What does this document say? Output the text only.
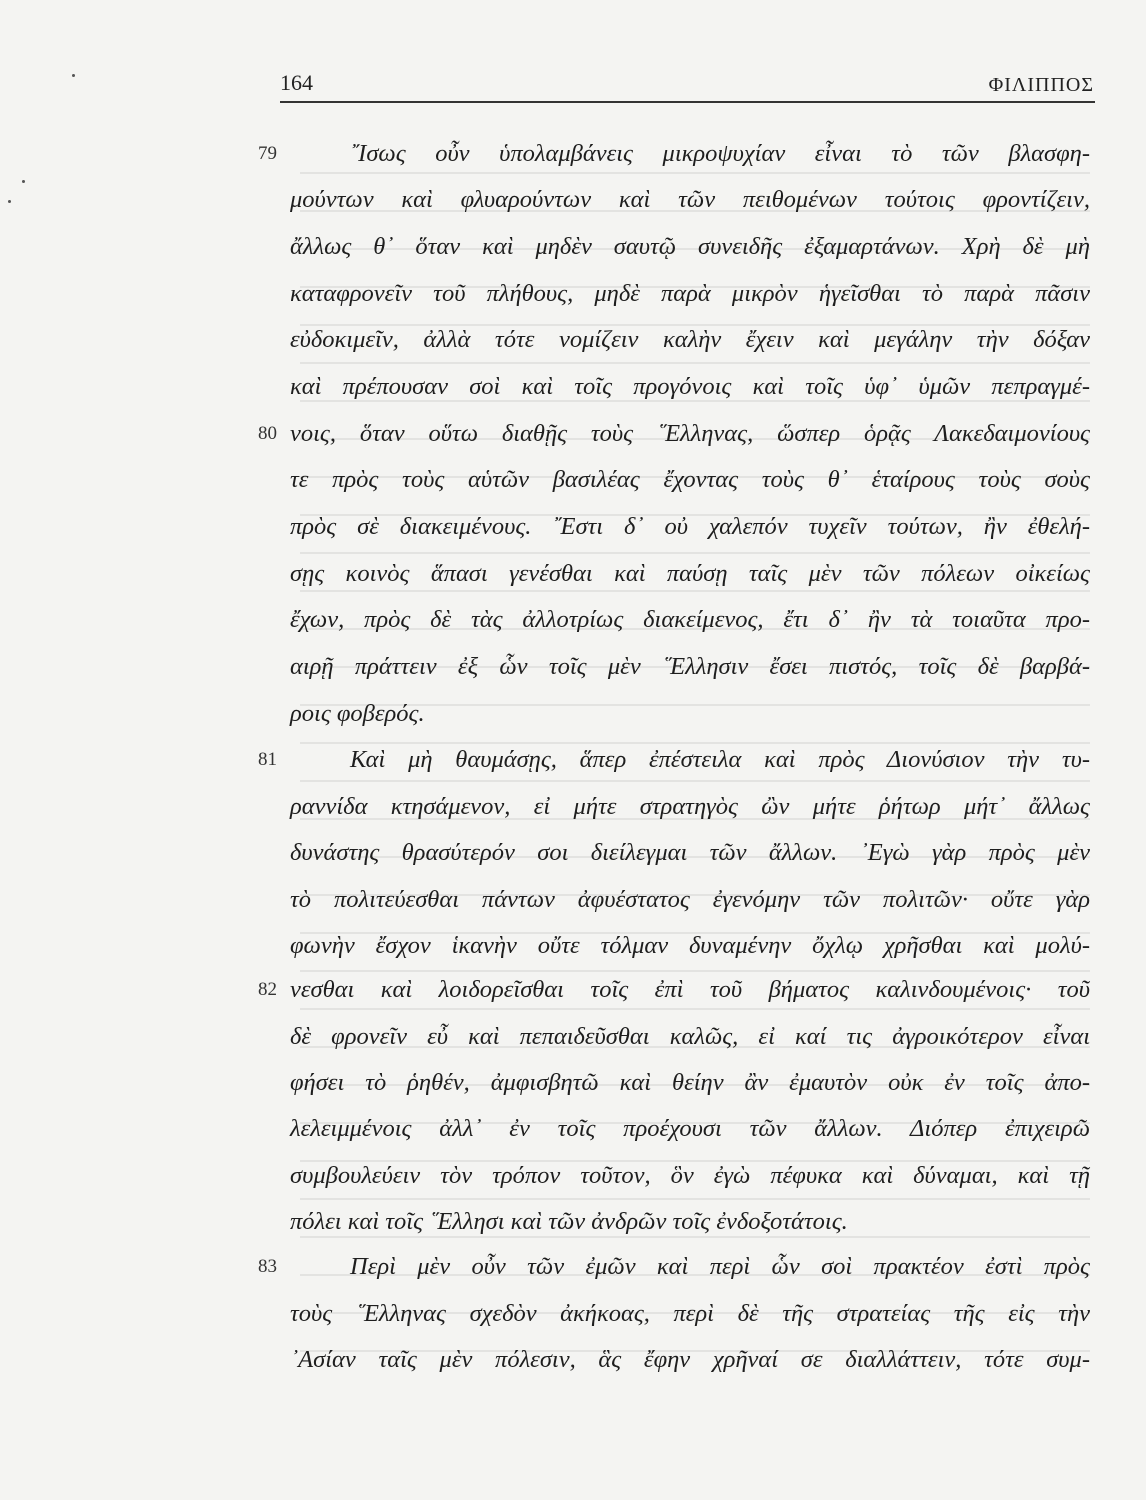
164	ΦΙΛΙΠΠΟΣ
79
80
81
82
83
῎Ισως οὖν ὑπολαμβάνεις μικροψυχίαν εἶναι τὸ τῶν βλασφη-
μούντων καὶ φλυαρούντων καὶ τῶν πειθομένων τούτοις φροντίζειν,
ἄλλως θ᾽ ὅταν καὶ μηδὲν σαυτῷ συνειδῆς ἐξαμαρτάνων. Χρὴ δὲ μὴ
καταφρονεῖν τοῦ πλήθους, μηδὲ παρὰ μικρὸν ἡγεῖσθαι τὸ παρὰ πᾶσιν
εὐδοκιμεῖν, ἀλλὰ τότε νομίζειν καλὴν ἔχειν καὶ μεγάλην τὴν δόξαν
καὶ πρέπουσαν σοὶ καὶ τοῖς προγόνοις καὶ τοῖς ὑφ᾽ ὑμῶν πεπραγμέ-
νοις, ὅταν οὕτω διαθῇς τοὺς ῞Ελληνας, ὥσπερ ὁρᾷς Λακεδαιμονίους
τε πρὸς τοὺς αὑτῶν βασιλέας ἔχοντας τοὺς θ᾽ ἑταίρους τοὺς σοὺς
πρὸς σὲ διακειμένους. ῎Εστι δ᾽ οὐ χαλεπόν τυχεῖν τούτων, ἢν ἐθελή-
σῃς κοινὸς ἅπασι γενέσθαι καὶ παύσῃ ταῖς μὲν τῶν πόλεων οἰκείως
ἔχων, πρὸς δὲ τὰς ἀλλοτρίως διακείμενος, ἔτι δ᾽ ἢν τὰ τοιαῦτα προ-
αιρῇ πράττειν ἐξ ὧν τοῖς μὲν ῞Ελλησιν ἔσει πιστός, τοῖς δὲ βαρβά-
ροις φοβερός.
Καὶ μὴ θαυμάσῃς, ἅπερ ἐπέστειλα καὶ πρὸς Διονύσιον τὴν τυ-
ραννίδα κτησάμενον, εἰ μήτε στρατηγὸς ὢν μήτε ῥήτωρ μήτ᾽ ἄλλως
δυνάστης θρασύτερόν σοι διείλεγμαι τῶν ἄλλων. ᾽Εγὼ γὰρ πρὸς μὲν
τὸ πολιτεύεσθαι πάντων ἀφυέστατος ἐγενόμην τῶν πολιτῶν· οὔτε γὰρ
φωνὴν ἔσχον ἱκανὴν οὔτε τόλμαν δυναμένην ὄχλῳ χρῆσθαι καὶ μολύ-
νεσθαι καὶ λοιδορεῖσθαι τοῖς ἐπὶ τοῦ βήματος καλινδουμένοις· τοῦ
δὲ φρονεῖν εὖ καὶ πεπαιδεῦσθαι καλῶς, εἰ καί τις ἀγροικότερον εἶναι
φήσει τὸ ῥηθέν, ἀμφισβητῶ καὶ θείην ἂν ἐμαυτὸν οὐκ ἐν τοῖς ἀπο-
λελειμμένοις ἀλλ᾽ ἐν τοῖς προέχουσι τῶν ἄλλων. Διόπερ ἐπιχειρῶ
συμβουλεύειν τὸν τρόπον τοῦτον, ὃν ἐγὼ πέφυκα καὶ δύναμαι, καὶ τῇ
πόλει καὶ τοῖς ῞Ελλησι καὶ τῶν ἀνδρῶν τοῖς ἐνδοξοτάτοις.
Περὶ μὲν οὖν τῶν ἐμῶν καὶ περὶ ὧν σοὶ πρακτέον ἐστὶ πρὸς
τοὺς ῞Ελληνας σχεδὸν ἀκήκοας, περὶ δὲ τῆς στρατείας τῆς εἰς τὴν
᾽Ασίαν ταῖς μὲν πόλεσιν, ἃς ἔφην χρῆναί σε διαλλάττειν, τότε συμ-
